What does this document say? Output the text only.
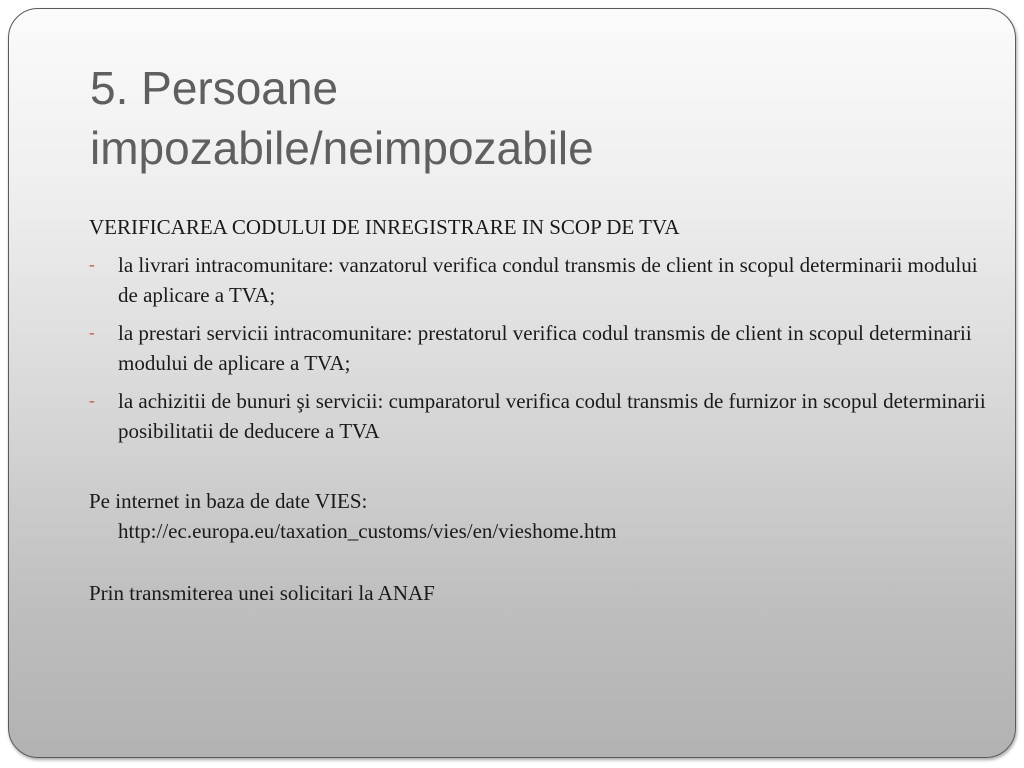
5. Persoane
impozabile/neimpozabile

VERIFICAREA CODULUI DE INREGISTRARE IN SCOP DE TVA

- la livrari intracomunitare: vanzatorul verifica condul transmis de client in scopul determinarii modului de aplicare a TVA;
- la prestari servicii intracomunitare: prestatorul verifica codul transmis de client in scopul determinarii modului de aplicare a TVA;
- la achizitii de bunuri şi servicii: cumparatorul verifica codul transmis de furnizor in scopul determinarii posibilitatii de deducere a TVA

Pe internet in baza de date VIES:
http://ec.europa.eu/taxation_customs/vies/en/vieshome.htm

Prin transmiterea unei solicitari la ANAF
